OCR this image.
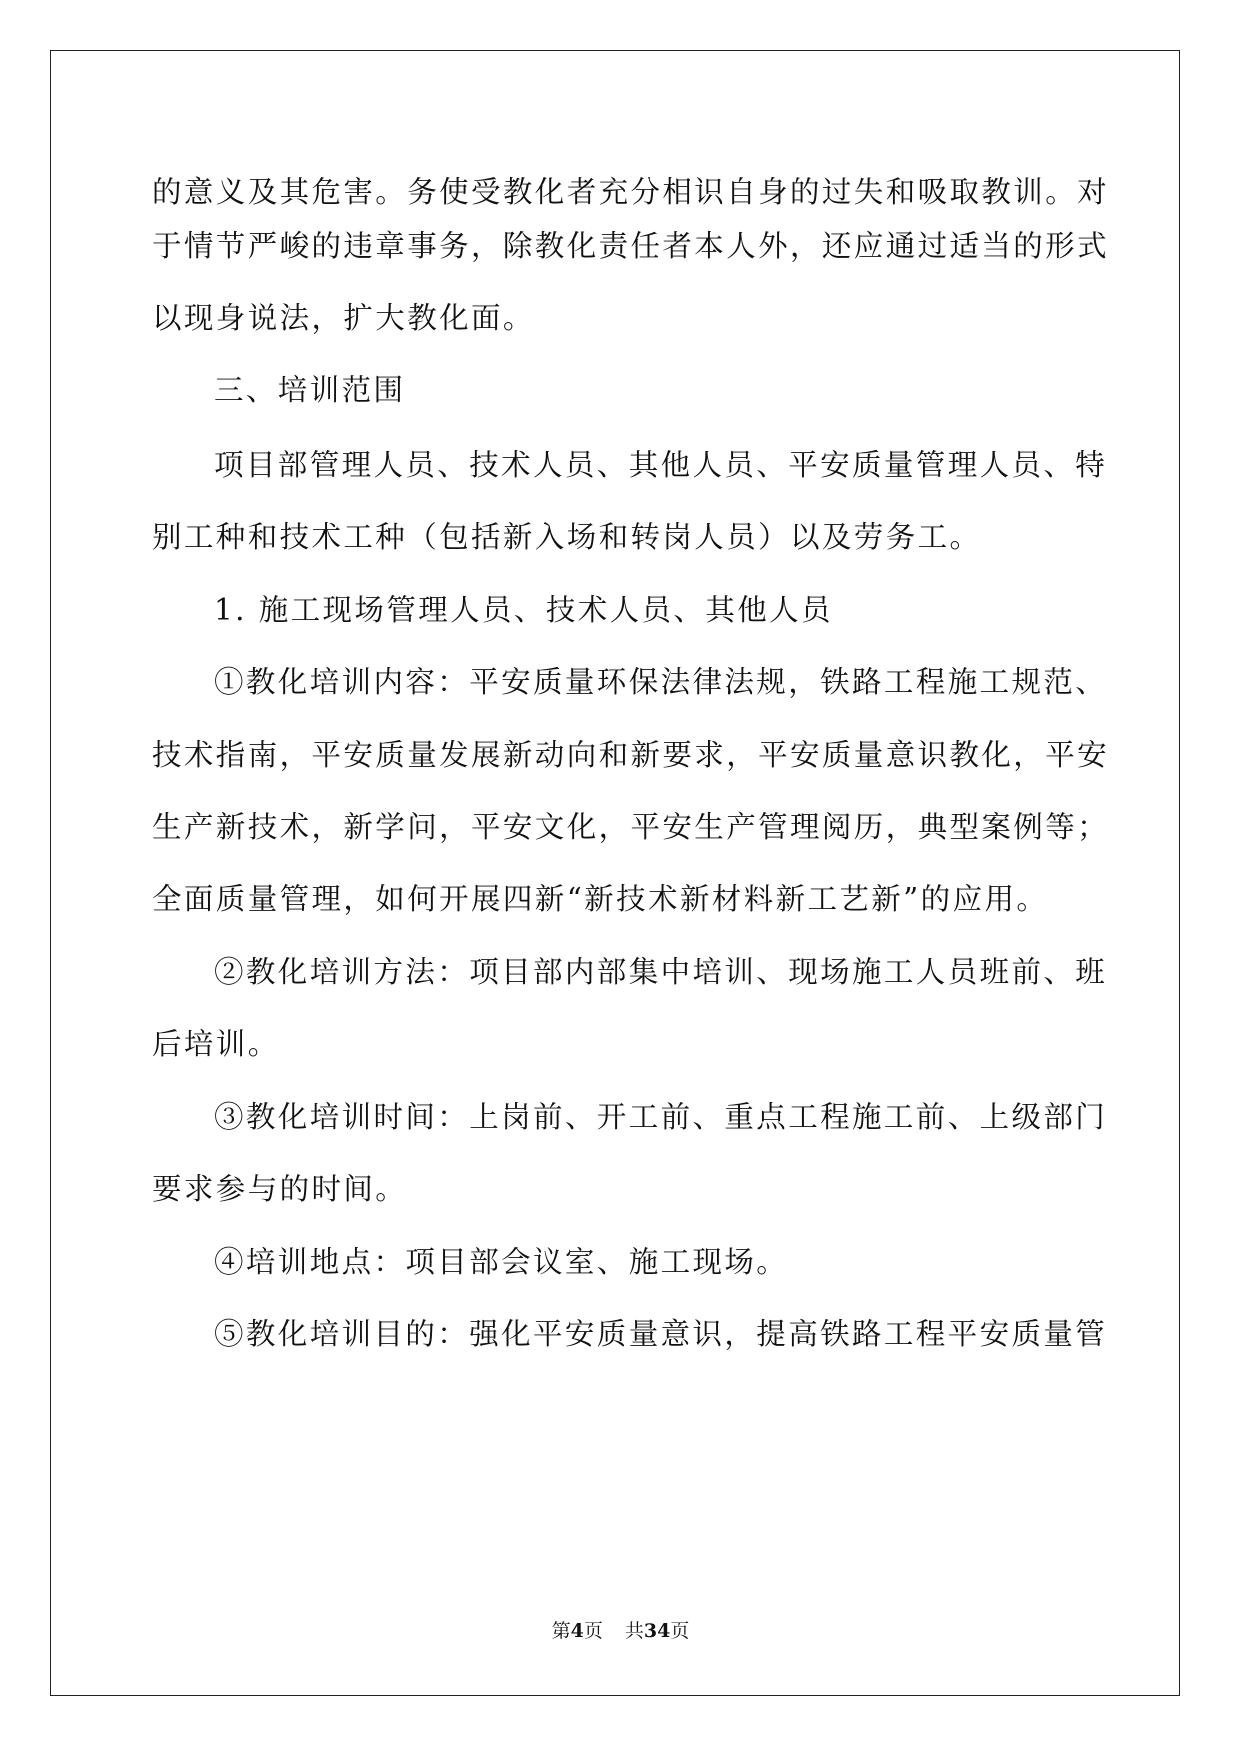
的意义及其危害。务使受教化者充分相识自身的过失和吸取教训。对
于情节严峻的违章事务，除教化责任者本人外，还应通过适当的形式
以现身说法，扩大教化面。
三、培训范围
项目部管理人员、技术人员、其他人员、平安质量管理人员、特
别工种和技术工种（包括新入场和转岗人员）以及劳务工。
1. 施工现场管理人员、技术人员、其他人员
①教化培训内容：平安质量环保法律法规，铁路工程施工规范、
技术指南，平安质量发展新动向和新要求，平安质量意识教化，平安
生产新技术，新学问，平安文化，平安生产管理阅历，典型案例等；
全面质量管理，如何开展四新“新技术新材料新工艺新”的应用。
②教化培训方法：项目部内部集中培训、现场施工人员班前、班
后培训。
③教化培训时间：上岗前、开工前、重点工程施工前、上级部门
要求参与的时间。
④培训地点：项目部会议室、施工现场。
⑤教化培训目的：强化平安质量意识，提高铁路工程平安质量管
第4页 共34页
